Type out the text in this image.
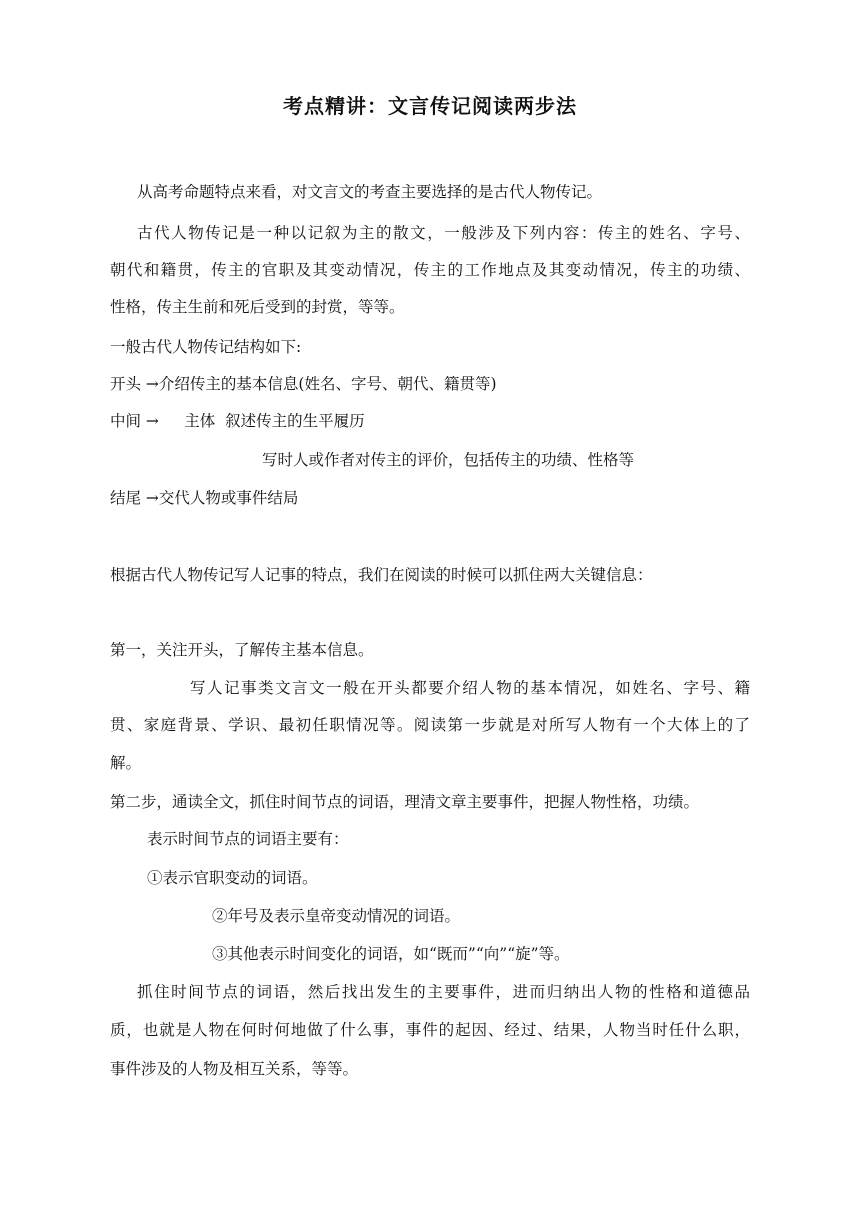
考点精讲：文言传记阅读两步法
从高考命题特点来看，对文言文的考查主要选择的是古代人物传记。
古代人物传记是一种以记叙为主的散文，一般涉及下列内容：传主的姓名、字号、
朝代和籍贯，传主的官职及其变动情况，传主的工作地点及其变动情况，传主的功绩、
性格，传主生前和死后受到的封赏，等等。
一般古代人物传记结构如下:
开头 →介绍传主的基本信息(姓名、字号、朝代、籍贯等)
中间 →　  主体  叙述传主的生平履历
写时人或作者对传主的评价，包括传主的功绩、性格等
结尾 →交代人物或事件结局
根据古代人物传记写人记事的特点，我们在阅读的时候可以抓住两大关键信息：
第一，关注开头，了解传主基本信息。
写人记事类文言文一般在开头都要介绍人物的基本情况，如姓名、字号、籍
贯、家庭背景、学识、最初任职情况等。阅读第一步就是对所写人物有一个大体上的了
解。
第二步，通读全文，抓住时间节点的词语，理清文章主要事件，把握人物性格，功绩。
表示时间节点的词语主要有：
①表示官职变动的词语。
②年号及表示皇帝变动情况的词语。
③其他表示时间变化的词语，如“既而”“向”“旋”等。
抓住时间节点的词语，然后找出发生的主要事件，进而归纳出人物的性格和道德品
质，也就是人物在何时何地做了什么事，事件的起因、经过、结果，人物当时任什么职，
事件涉及的人物及相互关系，等等。
